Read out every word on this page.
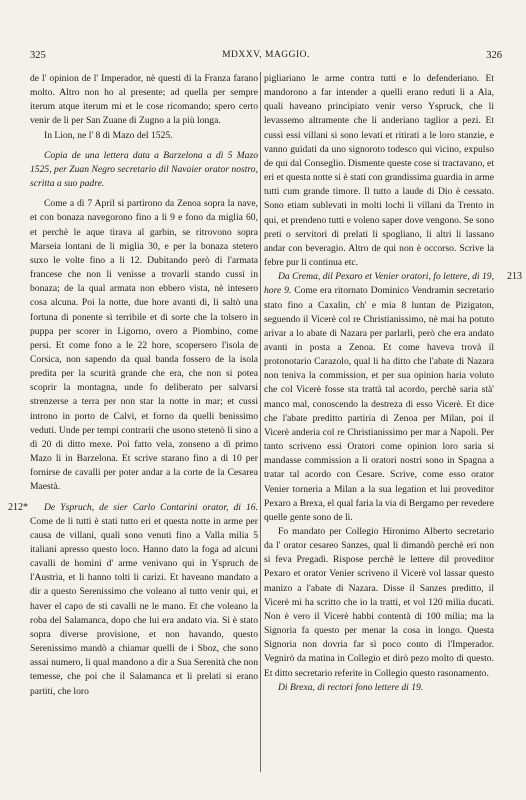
325	MDXXV, MAGGIO.	326

de l' opinion de l' Imperador, nè questi di la Franza farano molto. Altro non ho al presente; ad quella per sempre iterum atque iterum mi et le cose ricomando; spero certo venir de li per San Zuane di Zugno a la più longa.

In Lion, ne l' 8 di Mazo del 1525.

Copia de una lettera data a Barzelona a dì 5 Mazo 1525, per Zuan Negro secretario dil Navaier orator nostro, scritta a suo padre.

Come a dì 7 April si partirono da Zenoa sopra la nave, et con bonaza navegorono fino a li 9 e fono da miglia 60, et perchè le aque tirava al garbin, se ritrovono sopra Marseia lontani de li miglia 30, e per la bonaza stetero suxo le volte fino a li 12. Dubitando però di l'armata francese che non li venisse a trovarli stando cussì in bonaza; de la qual armata non ebbero vista, nè intesero cosa alcuna. Poi la notte, due hore avanti dì, li saltò una fortuna di ponente sì terribile et di sorte che la tolsero in puppa per scorer in Ligorno, overo a Piombino, come persi. Et come fono a le 22 hore, scopersero l'isola de Corsica, non sapendo da qual banda fossero de la isola predita per la scurità grande che era, che non si potea scoprir la montagna, unde fo deliberato per salvarsi strenzerse a terra per non star la notte in mar; et cussì introno in porto de Calvi, et forno da quelli benissimo veduti. Unde per tempi contrarii che usono stetenò lì sino a dì 20 di ditto mexe. Poi fatto vela, zonseno a dì primo Mazo lì in Barzelona. Et scrive starano fino a dì 10 per fornirse de cavalli per poter andar a la corte de la Cesarea Maestà.

212*	De Yspruch, de sier Carlo Contarini orator, di 16. Come de li tutti è stati tutto eri et questa notte in arme per causa de villani, quali sono venuti fino a Valla milia 5 italiani apresso questo loco. Hanno dato la foga ad alcuni cavalli de homini d' arme venivano qui in Yspruch de l'Austria, et li hanno tolti li carizi. Et haveano mandato a dir a questo Serenissimo che voleano al tutto venir qui, et haver el capo de sti cavalli ne le mano. Et che voleano la roba del Salamanca, dopo che lui era andato via. Si è stato sopra diverse provisione, et non havando, questo Serenissimo mandò a chiamar quelli de i Sboz, che sono assai numero, li qual mandono a dir a Sua Serenità che non temesse, che poi che il Salamanca et li prelati si erano partiti, che loro

pigliariano le arme contra tutti e lo defenderiano. Et mandorono a far intender a quelli erano reduti li a Ala, quali haveano principiato venir verso Yspruck, che li levassemo altramente che li anderiano taglior a pezi. Et cussì essi villani si sono levati et ritirati a le loro stanzie, e vanno guidati da uno signoroto todesco qui vicino, expulso de qui dal Conseglio. Dismente queste cose si tractavano, et eri et questa notte si è stati con grandissima guardia in arme tutti cum grande timore. Il tutto a laude di Dio è cessato. Sono etiam sublevati in molti lochi li villani da Trento in qui, et prendeno tutti e voleno saper dove vengono. Se sono preti o servitori di prelati li spogliano, li altri li lassano andar con beveragio. Altro de qui non è occorso. Scrive la febre pur li continua etc.

213

Da Crema, dil Pexaro et Venier oratori, fo lettere, di 19, hore 9. Come era ritornato Dominico Vendramin secretario stato fino a Caxalin, ch' e mia 8 luntan de Pizigaton, seguendo il Vicerè col re Christianissimo, nè mai ha potuto arivar a lo abate di Nazara per parlarli, però che era andato avanti in posta a Zenoa. Et come haveva trovà il protonotario Carazolo, qual li ha ditto che l'abate di Nazara non teniva la commission, et per sua opinion haria voluto che col Vicerè fosse sta trattà tal acordo, perchè saria stà' manco mal, conoscendo la destreza di esso Vicerè. Et dice che l'abate preditto partiria di Zenoa per Milan, poi il Vicerè anderia col re Christianissimo per mar a Napoli. Per tanto scriveno essi Oratori come opinion loro saria si mandasse commission a li oratori nostri sono in Spagna a tratar tal acordo con Cesare. Scrive, come esso orator Venier torneria a Milan a la sua legation et lui proveditor Pexaro a Brexa, el qual faria la via di Bergamo per revedere quelle gente sono de lì.

Fo mandato per Collegio Hironimo Alberto secretario da l' orator cesareo Sanzes, qual li dimandò perchè eri non si feva Pregadi. Rispose perchè le lettere dil proveditor Pexaro et orator Venier scriveno il Vicerè vol lassar questo manizo a l'abate di Nazara. Disse il Sanzes preditto, il Vicerè mi ha scritto che io la tratti, et vol 120 milia ducati. Non è vero il Vicerè habbi contentà di 100 milia; ma la Signoria fa questo per menar la cosa in longo. Questa Signoria non dovria far sì poco conto di l'Imperador. Vegnirò da matina in Collegio et dirò pezo molto di questo. Et ditto secretario referite in Collegio questo rasonamento.

Di Brexa, di rectori fono lettere di 19.
